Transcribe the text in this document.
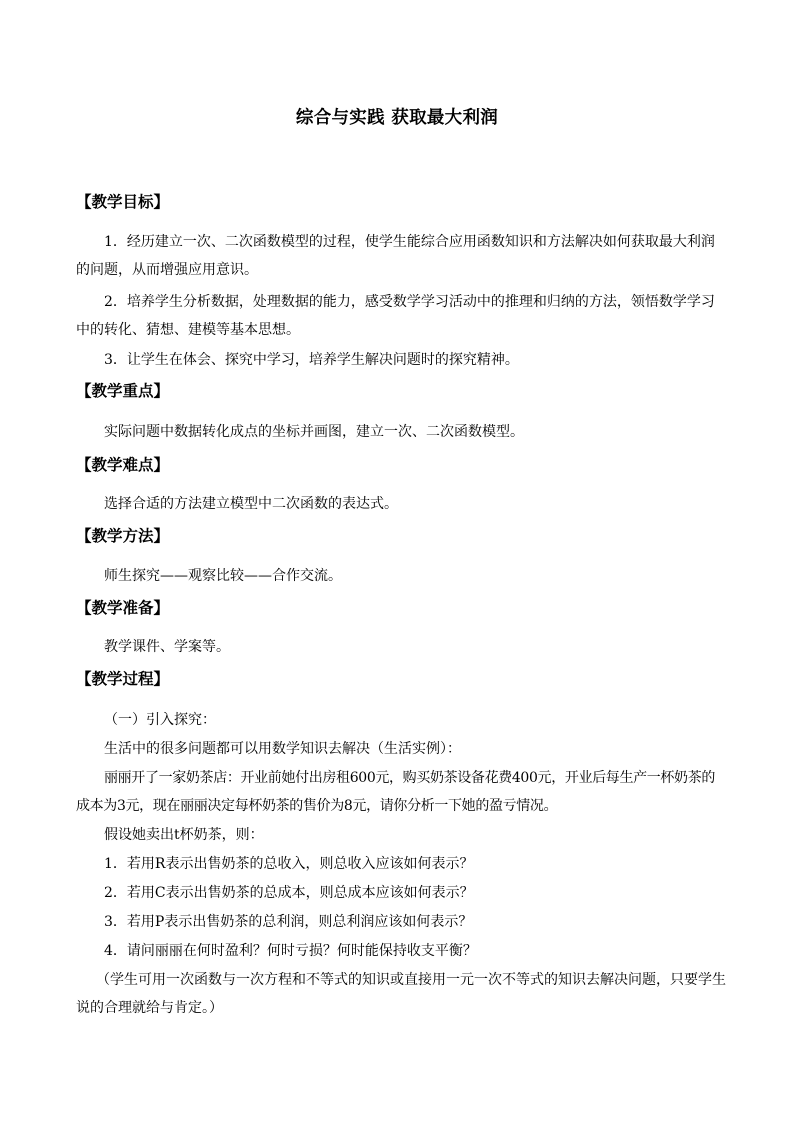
综合与实践 获取最大利润
【教学目标】
1．经历建立一次、二次函数模型的过程，使学生能综合应用函数知识和方法解决如何获取最大利润的问题，从而增强应用意识。
2．培养学生分析数据，处理数据的能力，感受数学学习活动中的推理和归纳的方法，领悟数学学习中的转化、猜想、建模等基本思想。
3．让学生在体会、探究中学习，培养学生解决问题时的探究精神。
【教学重点】
实际问题中数据转化成点的坐标并画图，建立一次、二次函数模型。
【教学难点】
选择合适的方法建立模型中二次函数的表达式。
【教学方法】
师生探究——观察比较——合作交流。
【教学准备】
教学课件、学案等。
【教学过程】
（一）引入探究：
生活中的很多问题都可以用数学知识去解决（生活实例）：
丽丽开了一家奶茶店：开业前她付出房租600元，购买奶茶设备花费400元，开业后每生产一杯奶茶的成本为3元，现在丽丽决定每杯奶茶的售价为8元，请你分析一下她的盈亏情况。
假设她卖出t杯奶茶，则：
1．若用R表示出售奶茶的总收入，则总收入应该如何表示？
2．若用C表示出售奶茶的总成本，则总成本应该如何表示？
3．若用P表示出售奶茶的总利润，则总利润应该如何表示？
4．请问丽丽在何时盈利？何时亏损？何时能保持收支平衡？
（学生可用一次函数与一次方程和不等式的知识或直接用一元一次不等式的知识去解决问题，只要学生说的合理就给与肯定。）
